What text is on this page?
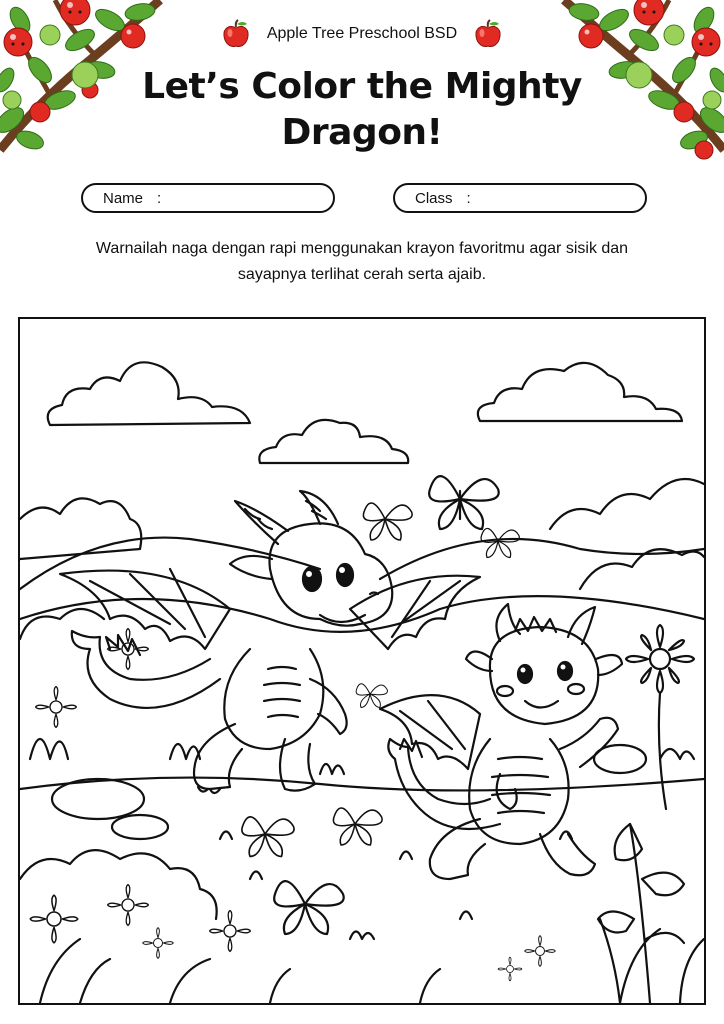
Apple Tree Preschool BSD
Let’s Color the Mighty Dragon!
Name :	Class :

Warnailah naga dengan rapi menggunakan krayon favoritmu agar sisik dan sayapnya terlihat cerah serta ajaib.
